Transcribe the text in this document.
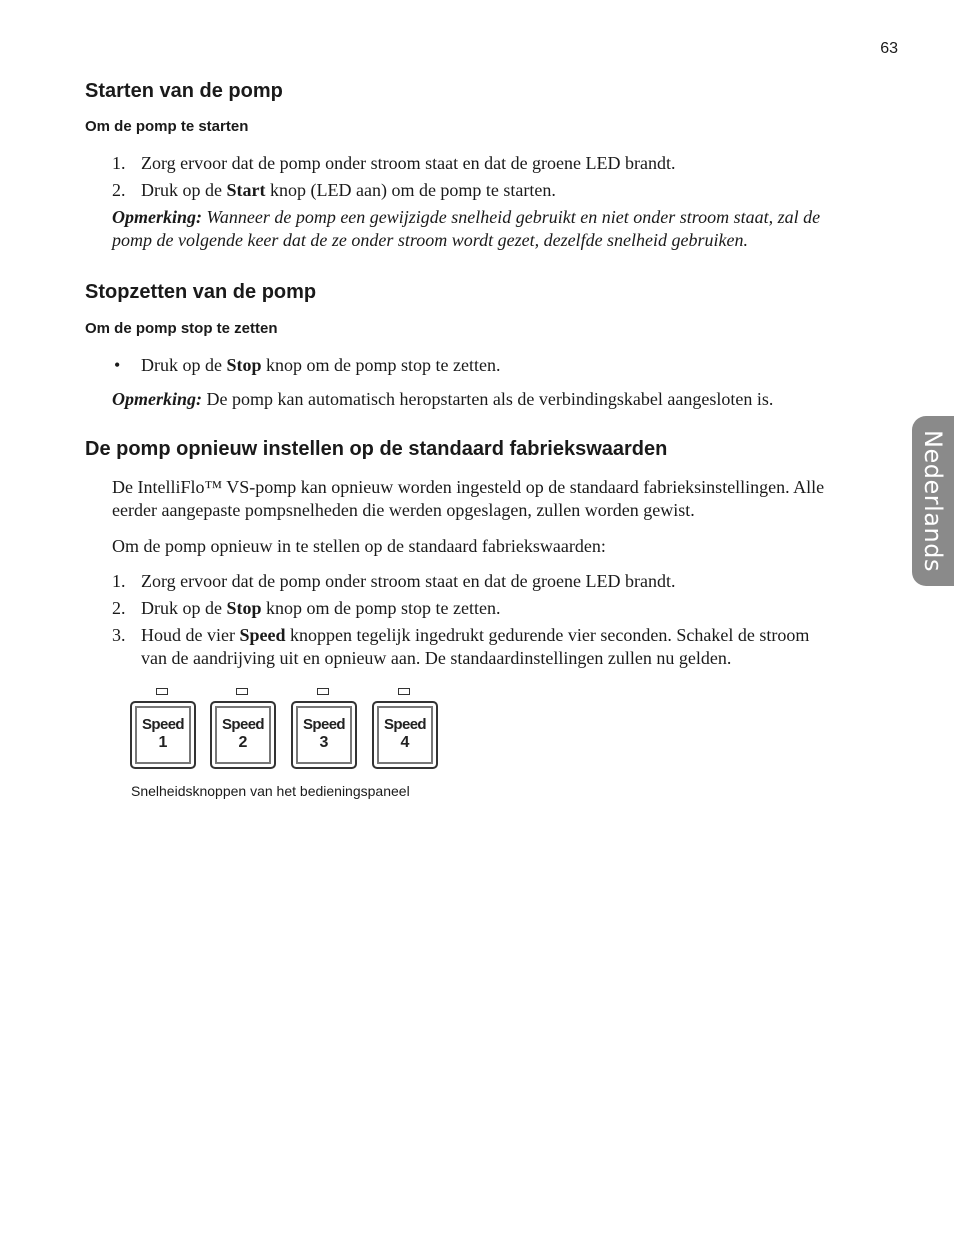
63
Nederlands
Starten van de pomp
Om de pomp te starten
1. Zorg ervoor dat de pomp onder stroom staat en dat de groene LED brandt.
2. Druk op de Start knop (LED aan) om de pomp te starten.
Opmerking: Wanneer de pomp een gewijzigde snelheid gebruikt en niet onder stroom staat, zal de
pomp de volgende keer dat de ze onder stroom wordt gezet, dezelfde snelheid gebruiken.
Stopzetten van de pomp
Om de pomp stop te zetten
• Druk op de Stop knop om de pomp stop te zetten.
Opmerking: De pomp kan automatisch heropstarten als de verbindingskabel aangesloten is.
De pomp opnieuw instellen op de standaard fabriekswaarden
De IntelliFlo™ VS-pomp kan opnieuw worden ingesteld op de standaard fabrieksinstellingen. Alle
eerder aangepaste pompsnelheden die werden opgeslagen, zullen worden gewist.
Om de pomp opnieuw in te stellen op de standaard fabriekswaarden:
1. Zorg ervoor dat de pomp onder stroom staat en dat de groene LED brandt.
2. Druk op de Stop knop om de pomp stop te zetten.
3. Houd de vier Speed knoppen tegelijk ingedrukt gedurende vier seconden. Schakel de stroom
van de aandrijving uit en opnieuw aan. De standaardinstellingen zullen nu gelden.
Speed
1
Speed
2
Speed
3
Speed
4
Snelheidsknoppen van het bedieningspaneel
